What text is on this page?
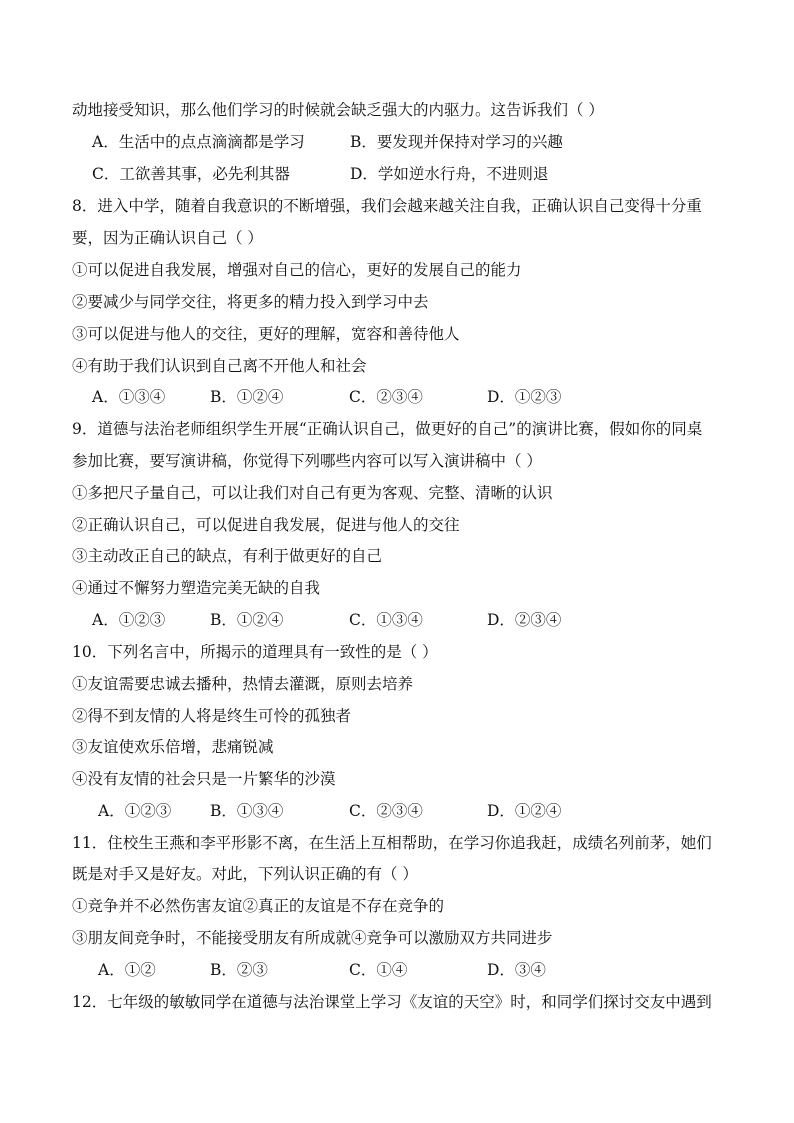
动地接受知识，那么他们学习的时候就会缺乏强大的内驱力。这告诉我们（ ）
A．生活中的点点滴滴都是学习	B．要发现并保持对学习的兴趣
C．工欲善其事，必先利其器	D．学如逆水行舟，不进则退
8．进入中学，随着自我意识的不断增强，我们会越来越关注自我，正确认识自己变得十分重
要，因为正确认识自己（ ）
①可以促进自我发展，增强对自己的信心，更好的发展自己的能力
②要减少与同学交往，将更多的精力投入到学习中去
③可以促进与他人的交往，更好的理解，宽容和善待他人
④有助于我们认识到自己离不开他人和社会
A．①③④	B．①②④	C．②③④	D．①②③
9．道德与法治老师组织学生开展“正确认识自己，做更好的自己”的演讲比赛，假如你的同桌
参加比赛，要写演讲稿，你觉得下列哪些内容可以写入演讲稿中（ ）
①多把尺子量自己，可以让我们对自己有更为客观、完整、清晰的认识
②正确认识自己，可以促进自我发展，促进与他人的交往
③主动改正自己的缺点，有利于做更好的自己
④通过不懈努力塑造完美无缺的自我
A．①②③	B．①②④	C．①③④	D．②③④
10．下列名言中，所揭示的道理具有一致性的是（ ）
①友谊需要忠诚去播种，热情去灌溉，原则去培养
②得不到友情的人将是终生可怜的孤独者
③友谊使欢乐倍增，悲痛锐减
④没有友情的社会只是一片繁华的沙漠
A．①②③	B．①③④	C．②③④	D．①②④
11．住校生王燕和李平形影不离，在生活上互相帮助，在学习你追我赶，成绩名列前茅，她们
既是对手又是好友。对此，下列认识正确的有（ ）
①竞争并不必然伤害友谊②真正的友谊是不存在竞争的
③朋友间竞争时，不能接受朋友有所成就④竞争可以激励双方共同进步
A．①②	B．②③	C．①④	D．③④
12．七年级的敏敏同学在道德与法治课堂上学习《友谊的天空》时，和同学们探讨交友中遇到
